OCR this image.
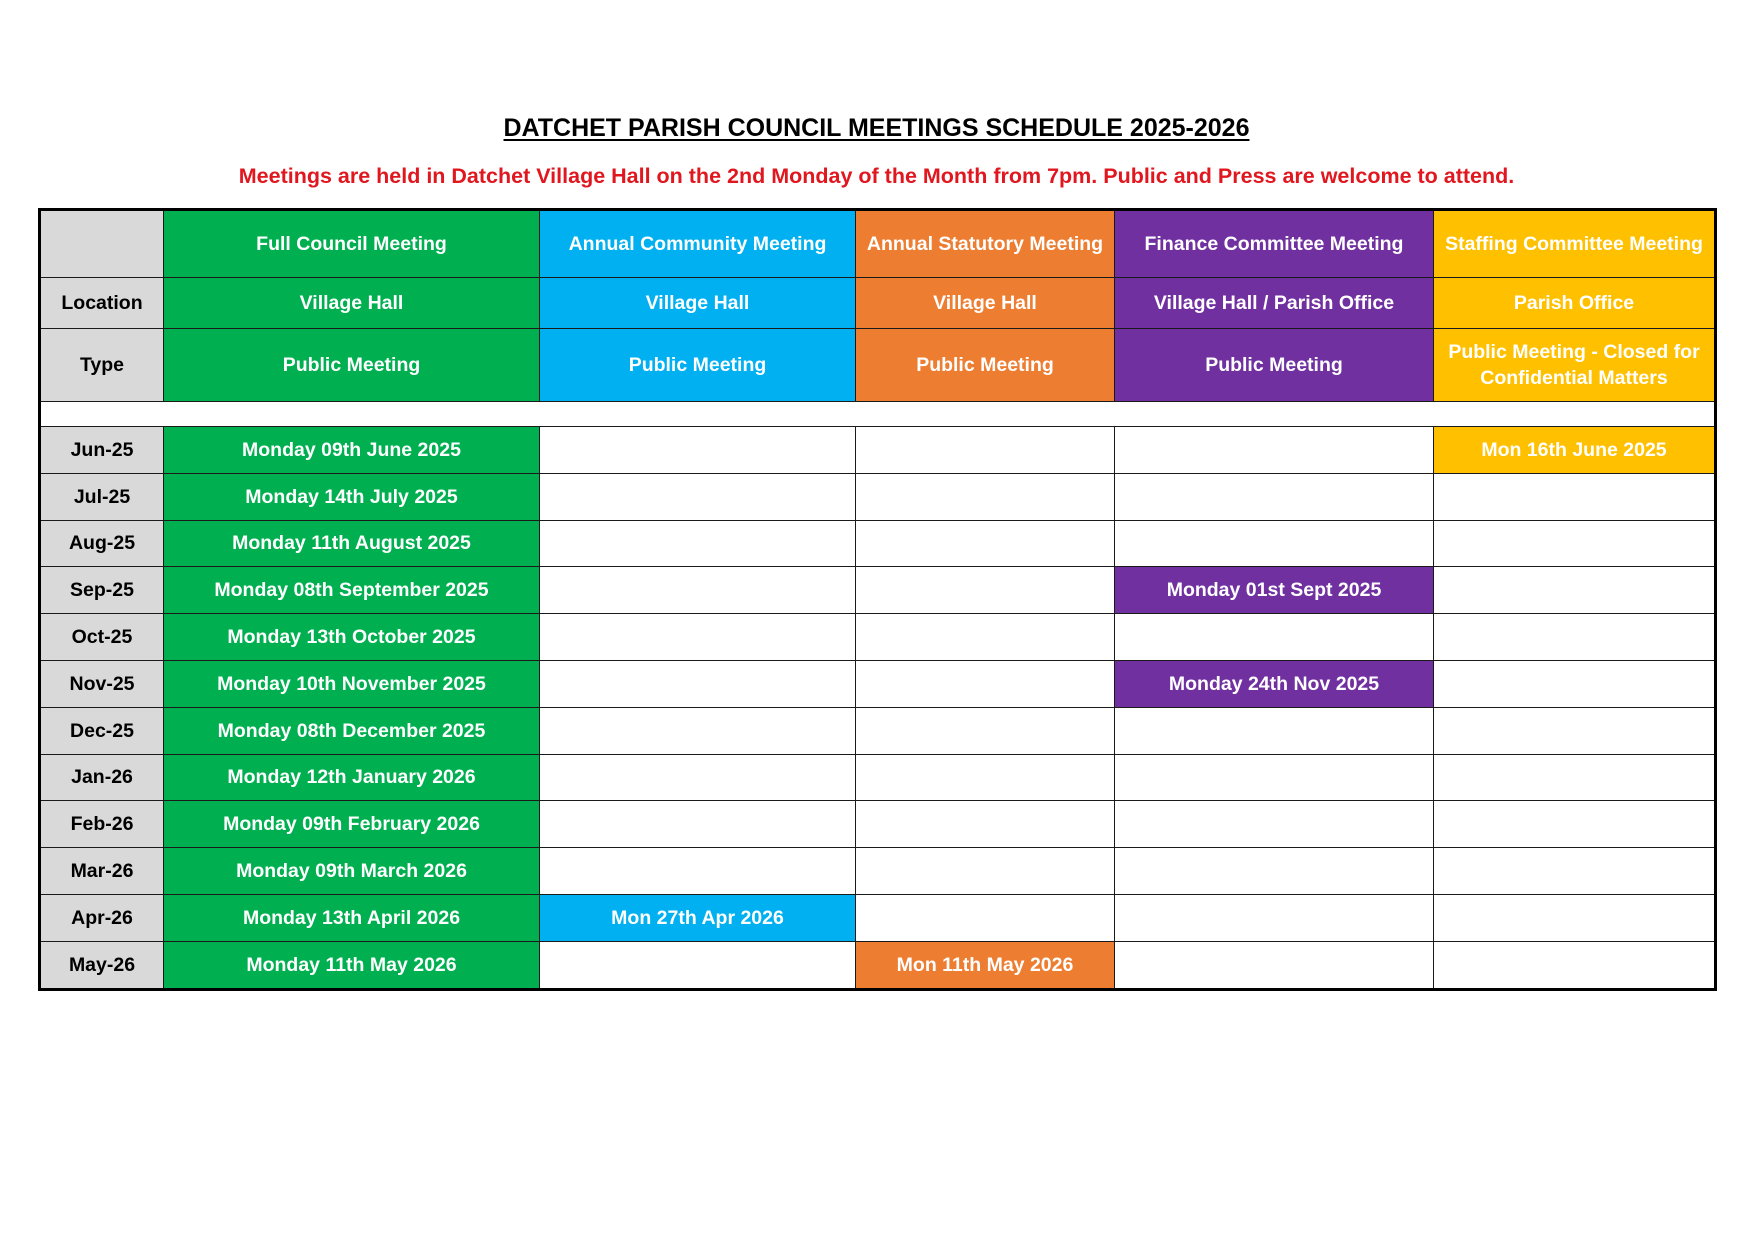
DATCHET PARISH COUNCIL MEETINGS SCHEDULE 2025-2026
Meetings are held in Datchet Village Hall on the 2nd Monday of the Month from 7pm. Public and Press are welcome to attend.
	Full Council Meeting	Annual Community Meeting	Annual Statutory Meeting	Finance Committee Meeting	Staffing Committee Meeting
Location	Village Hall	Village Hall	Village Hall	Village Hall / Parish Office	Parish Office
Type	Public Meeting	Public Meeting	Public Meeting	Public Meeting	Public Meeting - Closed for Confidential Matters

Jun-25	Monday 09th June 2025				Mon 16th June 2025
Jul-25	Monday 14th July 2025				
Aug-25	Monday 11th August 2025				
Sep-25	Monday 08th September 2025			Monday 01st Sept 2025	
Oct-25	Monday 13th October 2025				
Nov-25	Monday 10th November 2025			Monday 24th Nov 2025	
Dec-25	Monday 08th December 2025				
Jan-26	Monday 12th January 2026				
Feb-26	Monday 09th February 2026				
Mar-26	Monday 09th March 2026				
Apr-26	Monday 13th April 2026	Mon 27th Apr 2026			
May-26	Monday 11th May 2026		Mon 11th May 2026		
